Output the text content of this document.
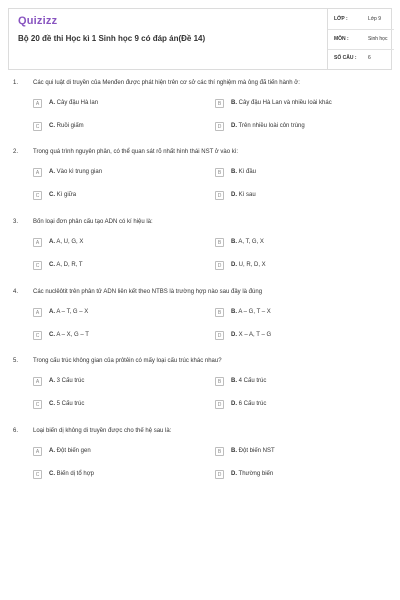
Quizizz
Bộ 20 đề thi Học kì 1 Sinh học 9 có đáp án(Đề 14)
LỚP :	Lớp 9
MÔN :	Sinh học
SỐ CÂU :	6
1. Các qui luật di truyền của Menđen được phát hiện trên cơ sở các thí nghiệm mà ông đã tiến hành ở:
A	A. Cây đậu Hà lan	B	B. Cây đậu Hà Lan và nhiều loài khác
C	C. Ruồi giấm	D	D. Trên nhiều loài côn trùng
2. Trong quá trình nguyên phân, có thể quan sát rõ nhất hình thái NST ở vào kì:
A	A. Vào kì trung gian	B	B. Kì đầu
C	C. Kì giữa	D	D. Kì sau
3. Bốn loại đơn phân cấu tạo ADN có kí hiệu là:
A	A. A, U, G, X	B	B. A, T, G, X
C	C. A, D, R, T	D	D. U, R, D, X
4. Các nuclêôtit trên phân tử ADN liên kết theo NTBS là trường hợp nào sau đây là đúng
A	A. A – T, G – X	B	B. A – G, T – X
C	C. A – X, G – T	D	D. X – A, T – G
5. Trong cấu trúc không gian của prôtêin có mấy loại cấu trúc khác nhau?
A	A. 3 Cấu trúc	B	B. 4 Cấu trúc
C	C. 5 Cấu trúc	D	D. 6 Cấu trúc
6. Loại biến dị không di truyền được cho thế hệ sau là:
A	A. Đột biến gen	B	B. Đột biến NST
C	C. Biến dị tổ hợp	D	D. Thường biến
